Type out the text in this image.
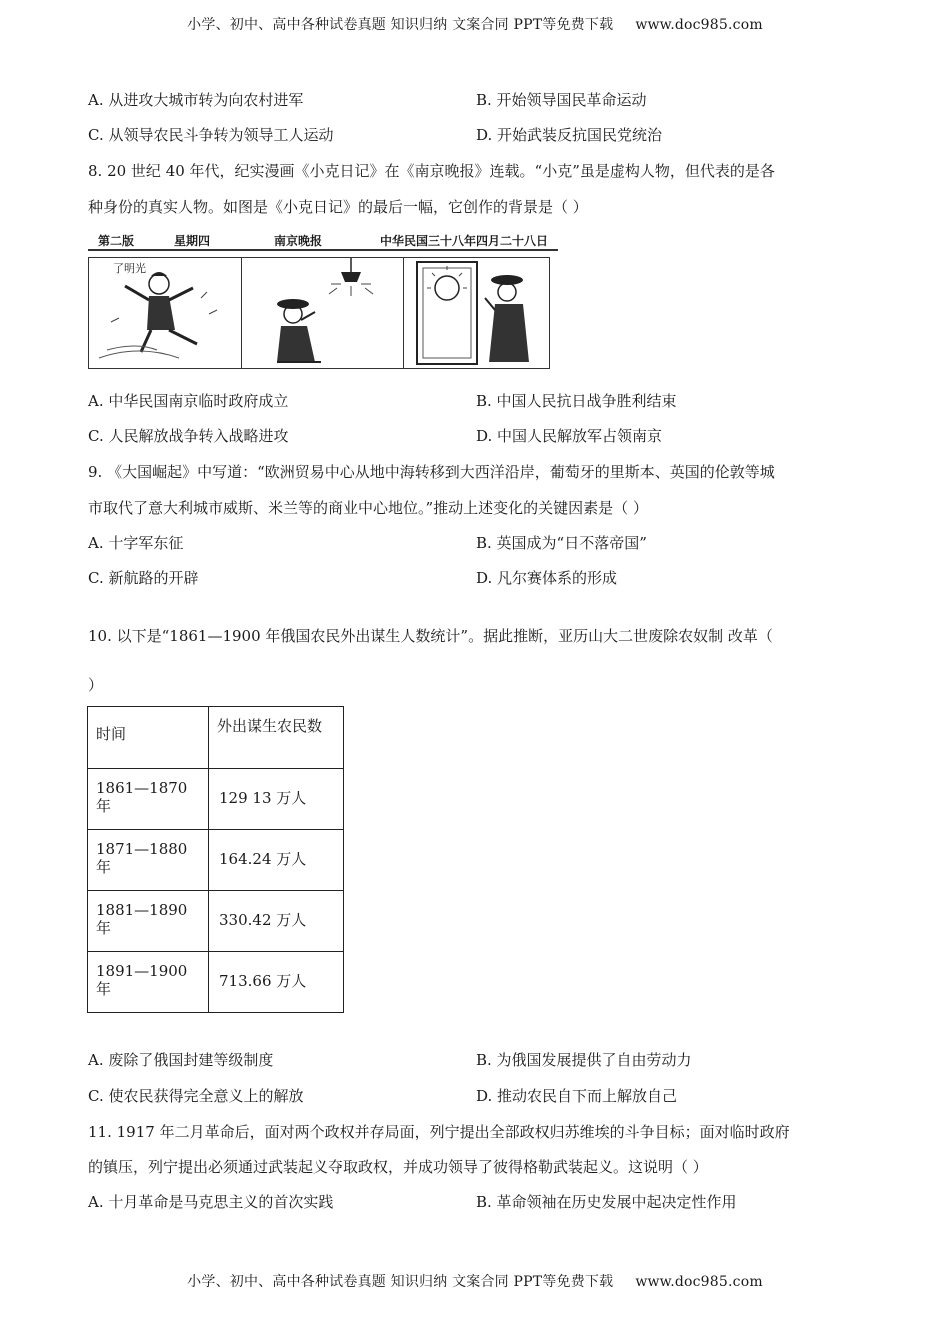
小学、初中、高中各种试卷真题 知识归纳 文案合同 PPT等免费下载 www.doc985.com
A. 从进攻大城市转为向农村进军	B. 开始领导国民革命运动
C. 从领导农民斗争转为领导工人运动	D. 开始武装反抗国民党统治
8. 20 世纪 40 年代，纪实漫画《小克日记》在《南京晚报》连载。“小克”虽是虚构人物，但代表的是各
种身份的真实人物。如图是《小克日记》的最后一幅，它创作的背景是（ ）
第二版	星期四	南京晚报	中华民国三十八年四月二十八日
了明光
A. 中华民国南京临时政府成立	B. 中国人民抗日战争胜利结束
C. 人民解放战争转入战略进攻	D. 中国人民解放军占领南京
9. 《大国崛起》中写道：“欧洲贸易中心从地中海转移到大西洋沿岸，葡萄牙的里斯本、英国的伦敦等城
市取代了意大利城市威斯、米兰等的商业中心地位。”推动上述变化的关键因素是（ ）
A. 十字军东征	B. 英国成为“日不落帝国”
C. 新航路的开辟	D. 凡尔赛体系的形成
10. 以下是“1861—1900 年俄国农民外出谋生人数统计”。据此推断，亚历山大二世废除农奴制 改革（
）
时间	外出谋生农民数

1861—1870年	129 13 万人

1871—1880年	164.24 万人

1881—1890年	330.42 万人

1891—1900年	713.66 万人
A. 废除了俄国封建等级制度	B. 为俄国发展提供了自由劳动力
C. 使农民获得完全意义上的解放	D. 推动农民自下而上解放自己
11. 1917 年二月革命后，面对两个政权并存局面，列宁提出全部政权归苏维埃的斗争目标；面对临时政府
的镇压，列宁提出必须通过武装起义夺取政权，并成功领导了彼得格勒武装起义。这说明（ ）
A. 十月革命是马克思主义的首次实践	B. 革命领袖在历史发展中起决定性作用
小学、初中、高中各种试卷真题 知识归纳 文案合同 PPT等免费下载 www.doc985.com
